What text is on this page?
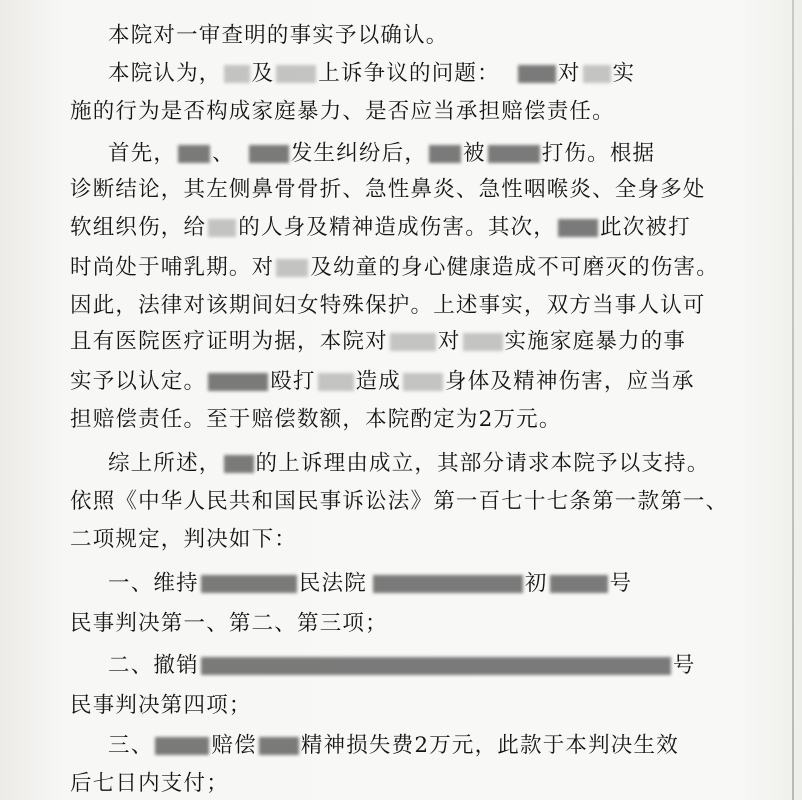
本院对一审查明的事实予以确认。
本院认为， 及 上诉争议的问题：	对 实
施的行为是否构成家庭暴力、是否应当承担赔偿责任。
首先， 、	发生纠纷后， 被	打伤。根据
诊断结论，其左侧鼻骨骨折、急性鼻炎、急性咽喉炎、全身多处
软组织伤，给 的人身及精神造成伤害。其次， 此次被打
时尚处于哺乳期。对 及幼童的身心健康造成不可磨灭的伤害。
因此，法律对该期间妇女特殊保护。上述事实，双方当事人认可
且有医院医疗证明为据，本院对 对 实施家庭暴力的事
实予以认定。	殴打 造成 身体及精神伤害，应当承
担赔偿责任。至于赔偿数额，本院酌定为2万元。
综上所述， 的上诉理由成立，其部分请求本院予以支持。
依照《中华人民共和国民事诉讼法》第一百七十七条第一款第一、
二项规定，判决如下：
一、维持	民法院	初	号
民事判决第一、第二、第三项；
二、撤销	号
民事判决第四项；
三、	赔偿 精神损失费2万元，此款于本判决生效
后七日内支付；
